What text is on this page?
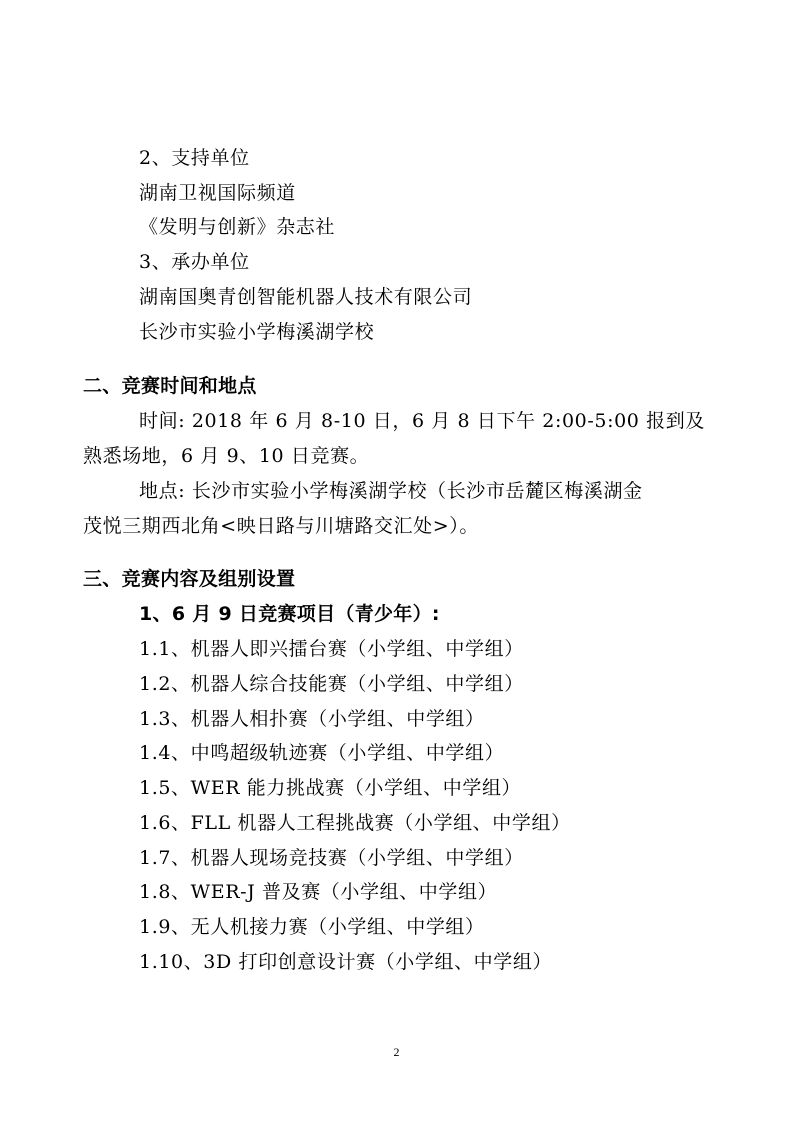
2、支持单位
湖南卫视国际频道
《发明与创新》杂志社
3、承办单位
湖南国奥青创智能机器人技术有限公司
长沙市实验小学梅溪湖学校
二、竞赛时间和地点
时间: 2018 年 6 月 8-10 日，6 月 8 日下午 2:00-5:00 报到及
熟悉场地，6 月 9、10 日竞赛。
地点: 长沙市实验小学梅溪湖学校（长沙市岳麓区梅溪湖金
茂悦三期西北角<映日路与川塘路交汇处>）。
三、竞赛内容及组别设置
1、6 月 9 日竞赛项目（青少年）:
1.1、机器人即兴擂台赛（小学组、中学组）
1.2、机器人综合技能赛（小学组、中学组）
1.3、机器人相扑赛（小学组、中学组）
1.4、中鸣超级轨迹赛（小学组、中学组）
1.5、WER 能力挑战赛（小学组、中学组）
1.6、FLL 机器人工程挑战赛（小学组、中学组）
1.7、机器人现场竞技赛（小学组、中学组）
1.8、WER-J 普及赛（小学组、中学组）
1.9、无人机接力赛（小学组、中学组）
1.10、3D 打印创意设计赛（小学组、中学组）
2
